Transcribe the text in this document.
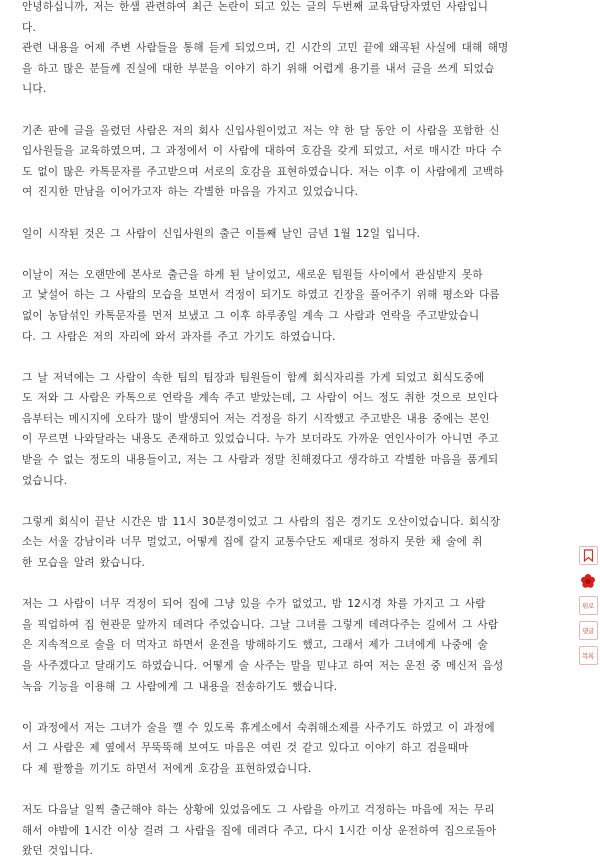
안녕하십니까, 저는 한샘 관련하여 최근 논란이 되고 있는 글의 두번째 교육담당자였던 사람입니
다.
관련 내용을 어제 주변 사람들을 통해 듣게 되었으며, 긴 시간의 고민 끝에 왜곡된 사실에 대해 해명
을 하고 많은 분들께 진실에 대한 부분을 이야기 하기 위해 어렵게 용기를 내서 글을 쓰게 되었습
니다.

기존 판에 글을 올렸던 사람은 저의 회사 신입사원이었고 저는 약 한 달 동안 이 사람을 포함한 신
입사원들을 교육하였으며, 그 과정에서 이 사람에 대하여 호감을 갖게 되었고, 서로 매시간 마다 수
도 없이 많은 카톡문자를 주고받으며 서로의 호감을 표현하였습니다. 저는 이후 이 사람에게 고백하
여 진지한 만남을 이어가고자 하는 각별한 마음을 가지고 있었습니다.

일이 시작된 것은 그 사람이 신입사원의 출근 이틀째 날인 금년 1월 12일 입니다.

이날이 저는 오랜만에 본사로 출근을 하게 된 날이었고, 새로운 팀원들 사이에서 관심받지 못하
고 낯설어 하는 그 사람의 모습을 보면서 걱정이 되기도 하였고 긴장을 풀어주기 위해 평소와 다름
없이 농담섞인 카톡문자를 먼저 보냈고 그 이후 하루종일 계속 그 사람과 연락을 주고받았습니
다. 그 사람은 저의 자리에 와서 과자를 주고 가기도 하였습니다.

그 날 저녁에는 그 사람이 속한 팀의 팀장과 팀원들이 함께 회식자리를 가게 되었고 회식도중에
도 저와 그 사람은 카톡으로 연락을 계속 주고 받았는데, 그 사람이 어느 정도 취한 것으로 보인다
음부터는 메시지에 오타가 많이 발생되어 저는 걱정을 하기 시작했고 주고받은 내용 중에는 본인
이 무르면 나와달라는 내용도 존재하고 있었습니다. 누가 보더라도 가까운 연인사이가 아니면 주고
받을 수 없는 정도의 내용들이고, 저는 그 사람과 정말 친해졌다고 생각하고 각별한 마음을 품게되
었습니다.

그렇게 회식이 끝난 시간은 밤 11시 30분경이었고 그 사람의 집은 경기도 오산이었습니다. 회식장
소는 서울 강남이라 너무 멀었고, 어떻게 집에 갈지 교통수단도 제대로 정하지 못한 채 술에 취
한 모습을 알려 왔습니다.

저는 그 사람이 너무 걱정이 되어 집에 그냥 있을 수가 없었고, 밤 12시경 차를 가지고 그 사람
을 픽업하여 집 현관문 앞까지 데려다 주었습니다. 그날 그녀를 그렇게 데려다주는 길에서 그 사람
은 지속적으로 술을 더 먹자고 하면서 운전을 방해하기도 했고, 그래서 제가 그녀에게 나중에 술
을 사주겠다고 달래기도 하였습니다. 어떻게 술 사주는 말을 믿냐고 하여 저는 운전 중 메신저 음성
녹음 기능을 이용해 그 사람에게 그 내용을 전송하기도 했습니다.

이 과정에서 저는 그녀가 술을 깰 수 있도록 휴게소에서 숙취해소제를 사주기도 하였고 이 과정에
서 그 사람은 제 옆에서 무뚝뚝해 보여도 마음은 여린 것 같고 있다고 이야기 하고 검을때마
다 제 팔짱을 끼기도 하면서 저에게 호감을 표현하였습니다.

저도 다음날 일찍 출근해야 하는 상황에 있었음에도 그 사람을 아끼고 걱정하는 마음에 저는 무리
해서 야밤에 1시간 이상 걸려 그 사람을 집에 데려다 주고, 다시 1시간 이상 운전하여 집으로돌아
왔던 것입니다.

위로
댓글
목록
